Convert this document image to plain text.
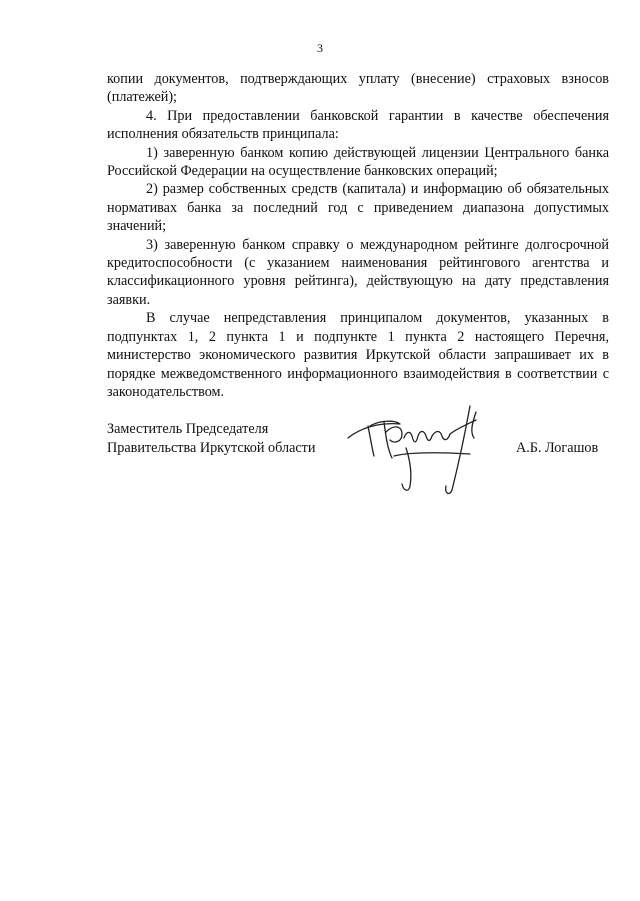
3

копии документов, подтверждающих уплату (внесение) страховых взносов (платежей);

4. При предоставлении банковской гарантии в качестве обеспечения исполнения обязательств принципала:

1) заверенную банком копию действующей лицензии Центрального банка Российской Федерации на осуществление банковских операций;

2) размер собственных средств (капитала) и информацию об обязательных нормативах банка за последний год с приведением диапазона допустимых значений;

3) заверенную банком справку о международном рейтинге долгосрочной кредитоспособности (с указанием наименования рейтингового агентства и классификационного уровня рейтинга), действующую на дату представления заявки.

В случае непредставления принципалом документов, указанных в подпунктах 1, 2 пункта 1 и подпункте 1 пункта 2 настоящего Перечня, министерство экономического развития Иркутской области запрашивает их в порядке межведомственного информационного взаимодействия в соответствии с законодательством.

Заместитель Председателя
Правительства Иркутской области	А.Б. Логашов
